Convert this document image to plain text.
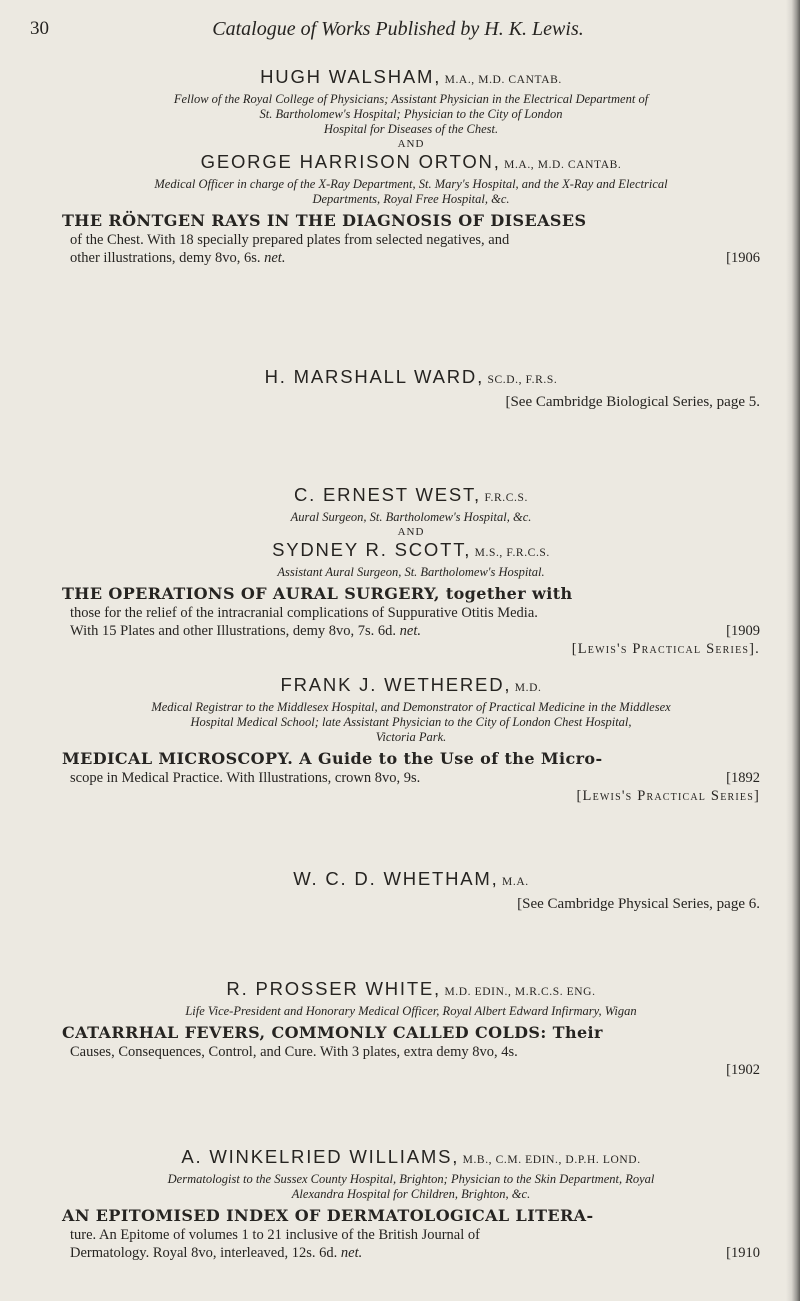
30	Catalogue of Works Published by H. K. Lewis.

HUGH WALSHAM, M.A., M.D. CANTAB.

Fellow of the Royal College of Physicians; Assistant Physician in the Electrical Department of
St. Bartholomew's Hospital; Physician to the City of London
Hospital for Diseases of the Chest.

AND

GEORGE HARRISON ORTON, M.A., M.D. CANTAB.

Medical Officer in charge of the X-Ray Department, St. Mary's Hospital, and the X-Ray and Electrical
Departments, Royal Free Hospital, &c.

THE RÖNTGEN RAYS IN THE DIAGNOSIS OF DISEASES

of the Chest. With 18 specially prepared plates from selected negatives, and

other illustrations, demy 8vo, 6s. net.	[1906

H. MARSHALL WARD, SC.D., F.R.S.

[See Cambridge Biological Series, page 5.

C. ERNEST WEST, F.R.C.S.

Aural Surgeon, St. Bartholomew's Hospital, &c.

AND

SYDNEY R. SCOTT, M.S., F.R.C.S.

Assistant Aural Surgeon, St. Bartholomew's Hospital.

THE OPERATIONS OF AURAL SURGERY, together with

those for the relief of the intracranial complications of Suppurative Otitis Media.

With 15 Plates and other Illustrations, demy 8vo, 7s. 6d. net.	[1909

[Lewis's Practical Series].

FRANK J. WETHERED, M.D.

Medical Registrar to the Middlesex Hospital, and Demonstrator of Practical Medicine in the Middlesex
Hospital Medical School; late Assistant Physician to the City of London Chest Hospital,
Victoria Park.

MEDICAL MICROSCOPY. A Guide to the Use of the Micro-

scope in Medical Practice. With Illustrations, crown 8vo, 9s.	[1892

[Lewis's Practical Series]

W. C. D. WHETHAM, M.A.

[See Cambridge Physical Series, page 6.

R. PROSSER WHITE, M.D. EDIN., M.R.C.S. ENG.

Life Vice-President and Honorary Medical Officer, Royal Albert Edward Infirmary, Wigan

CATARRHAL FEVERS, COMMONLY CALLED COLDS: Their

Causes, Consequences, Control, and Cure. With 3 plates, extra demy 8vo, 4s.

[1902

A. WINKELRIED WILLIAMS, M.B., C.M. EDIN., D.P.H. LOND.

Dermatologist to the Sussex County Hospital, Brighton; Physician to the Skin Department, Royal
Alexandra Hospital for Children, Brighton, &c.

AN EPITOMISED INDEX OF DERMATOLOGICAL LITERA-

ture. An Epitome of volumes 1 to 21 inclusive of the British Journal of

Dermatology. Royal 8vo, interleaved, 12s. 6d. net.	[1910
